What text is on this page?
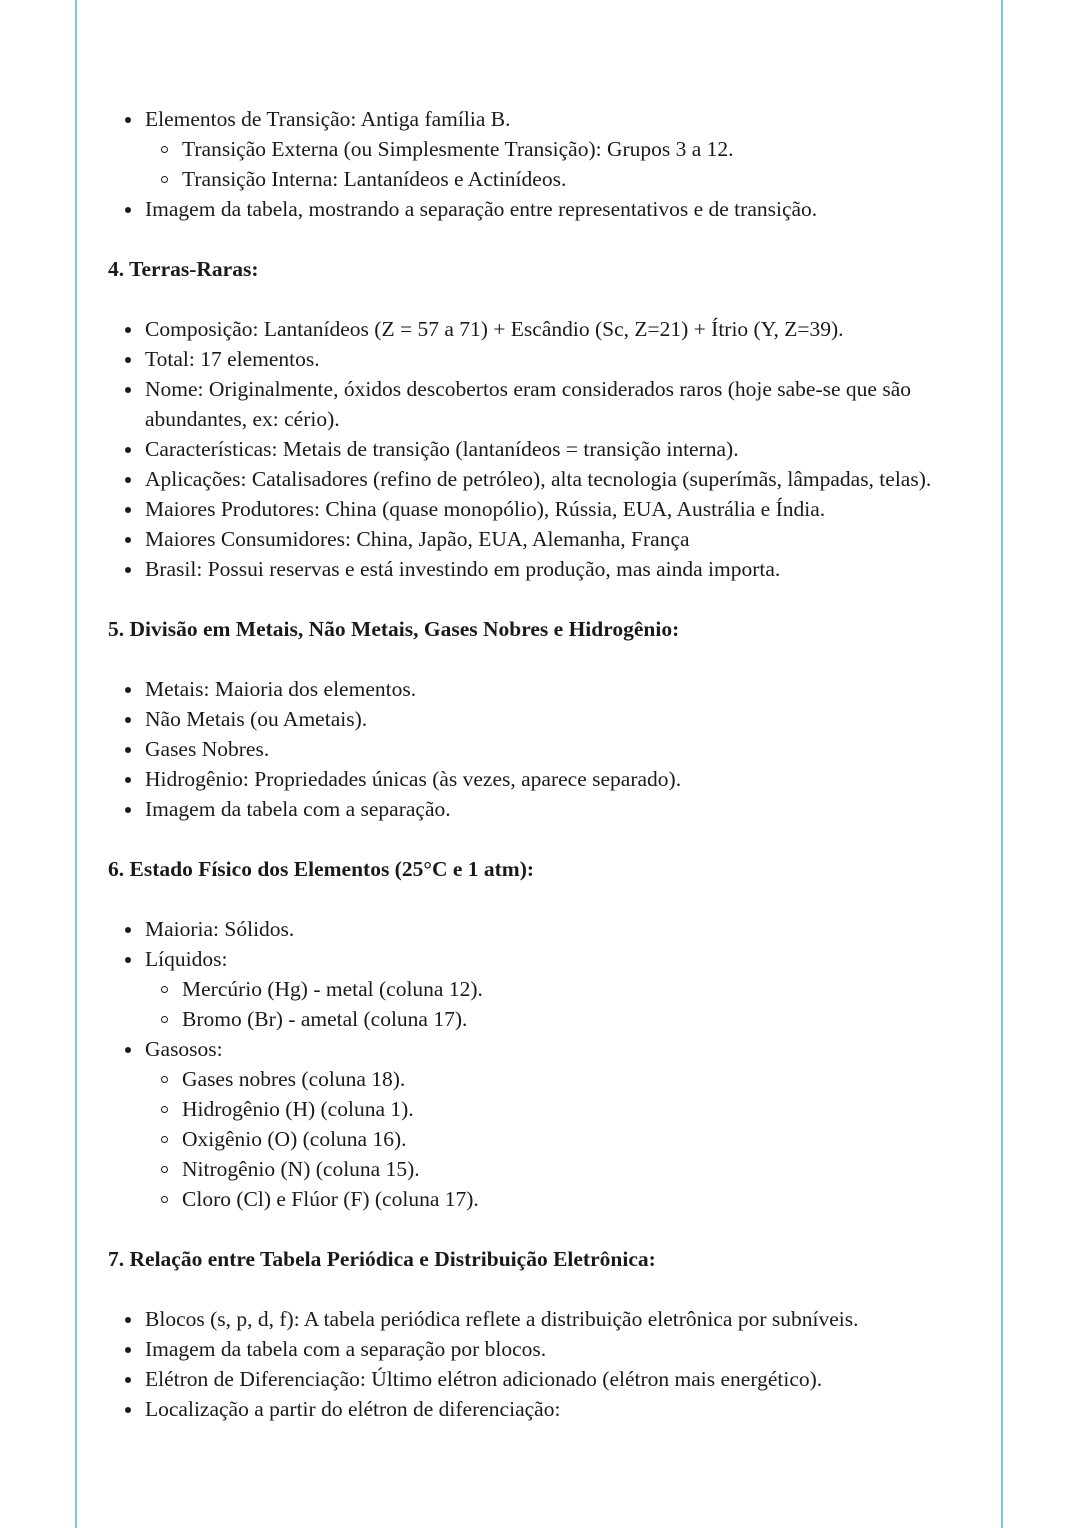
Elementos de Transição: Antiga família B.
Transição Externa (ou Simplesmente Transição): Grupos 3 a 12.
Transição Interna: Lantanídeos e Actinídeos.
Imagem da tabela, mostrando a separação entre representativos e de transição.
4. Terras-Raras:
Composição: Lantanídeos (Z = 57 a 71) + Escândio (Sc, Z=21) + Ítrio (Y, Z=39).
Total: 17 elementos.
Nome: Originalmente, óxidos descobertos eram considerados raros (hoje sabe-se que são abundantes, ex: cério).
Características: Metais de transição (lantanídeos = transição interna).
Aplicações: Catalisadores (refino de petróleo), alta tecnologia (superímãs, lâmpadas, telas).
Maiores Produtores: China (quase monopólio), Rússia, EUA, Austrália e Índia.
Maiores Consumidores: China, Japão, EUA, Alemanha, França
Brasil: Possui reservas e está investindo em produção, mas ainda importa.
5. Divisão em Metais, Não Metais, Gases Nobres e Hidrogênio:
Metais: Maioria dos elementos.
Não Metais (ou Ametais).
Gases Nobres.
Hidrogênio: Propriedades únicas (às vezes, aparece separado).
Imagem da tabela com a separação.
6. Estado Físico dos Elementos (25°C e 1 atm):
Maioria: Sólidos.
Líquidos:
Mercúrio (Hg) - metal (coluna 12).
Bromo (Br) - ametal (coluna 17).
Gasosos:
Gases nobres (coluna 18).
Hidrogênio (H) (coluna 1).
Oxigênio (O) (coluna 16).
Nitrogênio (N) (coluna 15).
Cloro (Cl) e Flúor (F) (coluna 17).
7. Relação entre Tabela Periódica e Distribuição Eletrônica:
Blocos (s, p, d, f): A tabela periódica reflete a distribuição eletrônica por subníveis.
Imagem da tabela com a separação por blocos.
Elétron de Diferenciação: Último elétron adicionado (elétron mais energético).
Localização a partir do elétron de diferenciação:
